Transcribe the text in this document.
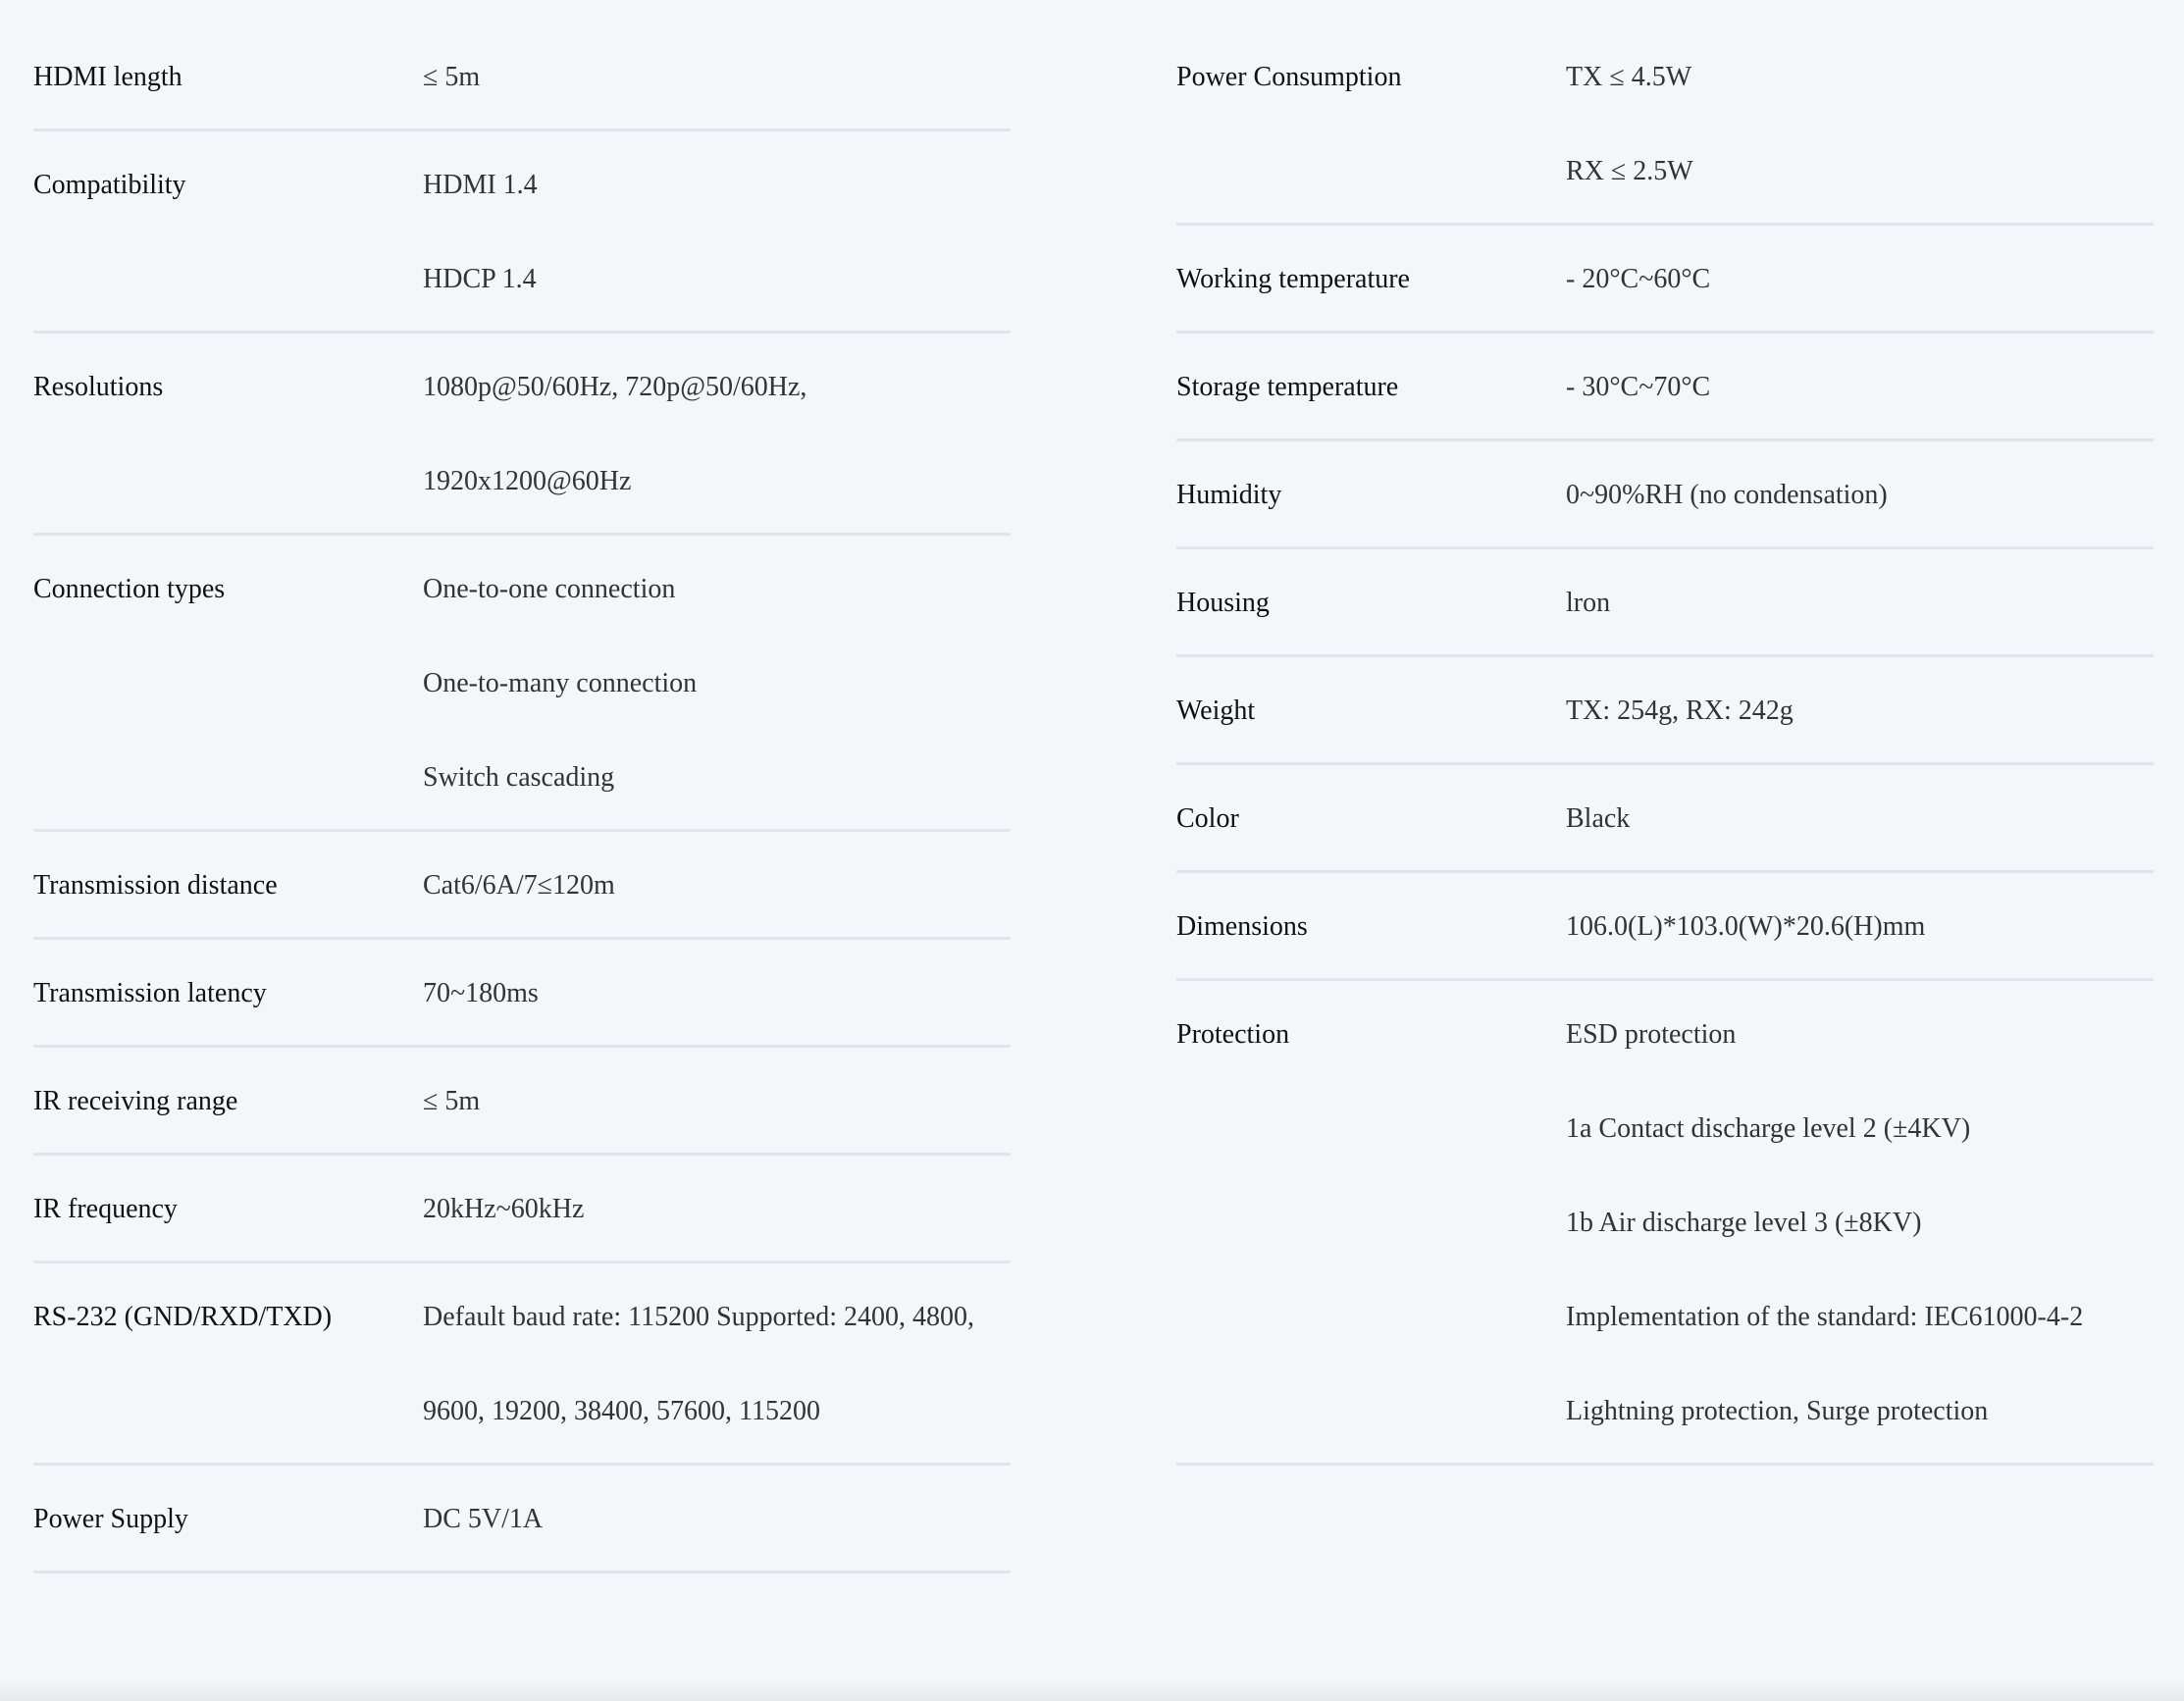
HDMI length	≤ 5m
Compatibility	HDMI 1.4
HDCP 1.4
Resolutions	1080p@50/60Hz, 720p@50/60Hz,
1920x1200@60Hz
Connection types	One-to-one connection
One-to-many connection
Switch cascading
Transmission distance	Cat6/6A/7≤120m
Transmission latency	70~180ms
IR receiving range	≤ 5m
IR frequency	20kHz~60kHz
RS-232 (GND/RXD/TXD)	Default baud rate: 115200 Supported: 2400, 4800,
9600, 19200, 38400, 57600, 115200
Power Supply	DC 5V/1A
Power Consumption	TX ≤ 4.5W
RX ≤ 2.5W
Working temperature	- 20°C~60°C
Storage temperature	- 30°C~70°C
Humidity	0~90%RH (no condensation)
Housing	lron
Weight	TX: 254g, RX: 242g
Color	Black
Dimensions	106.0(L)*103.0(W)*20.6(H)mm
Protection	ESD protection
1a Contact discharge level 2 (±4KV)
1b Air discharge level 3 (±8KV)
Implementation of the standard: IEC61000-4-2
Lightning protection, Surge protection
